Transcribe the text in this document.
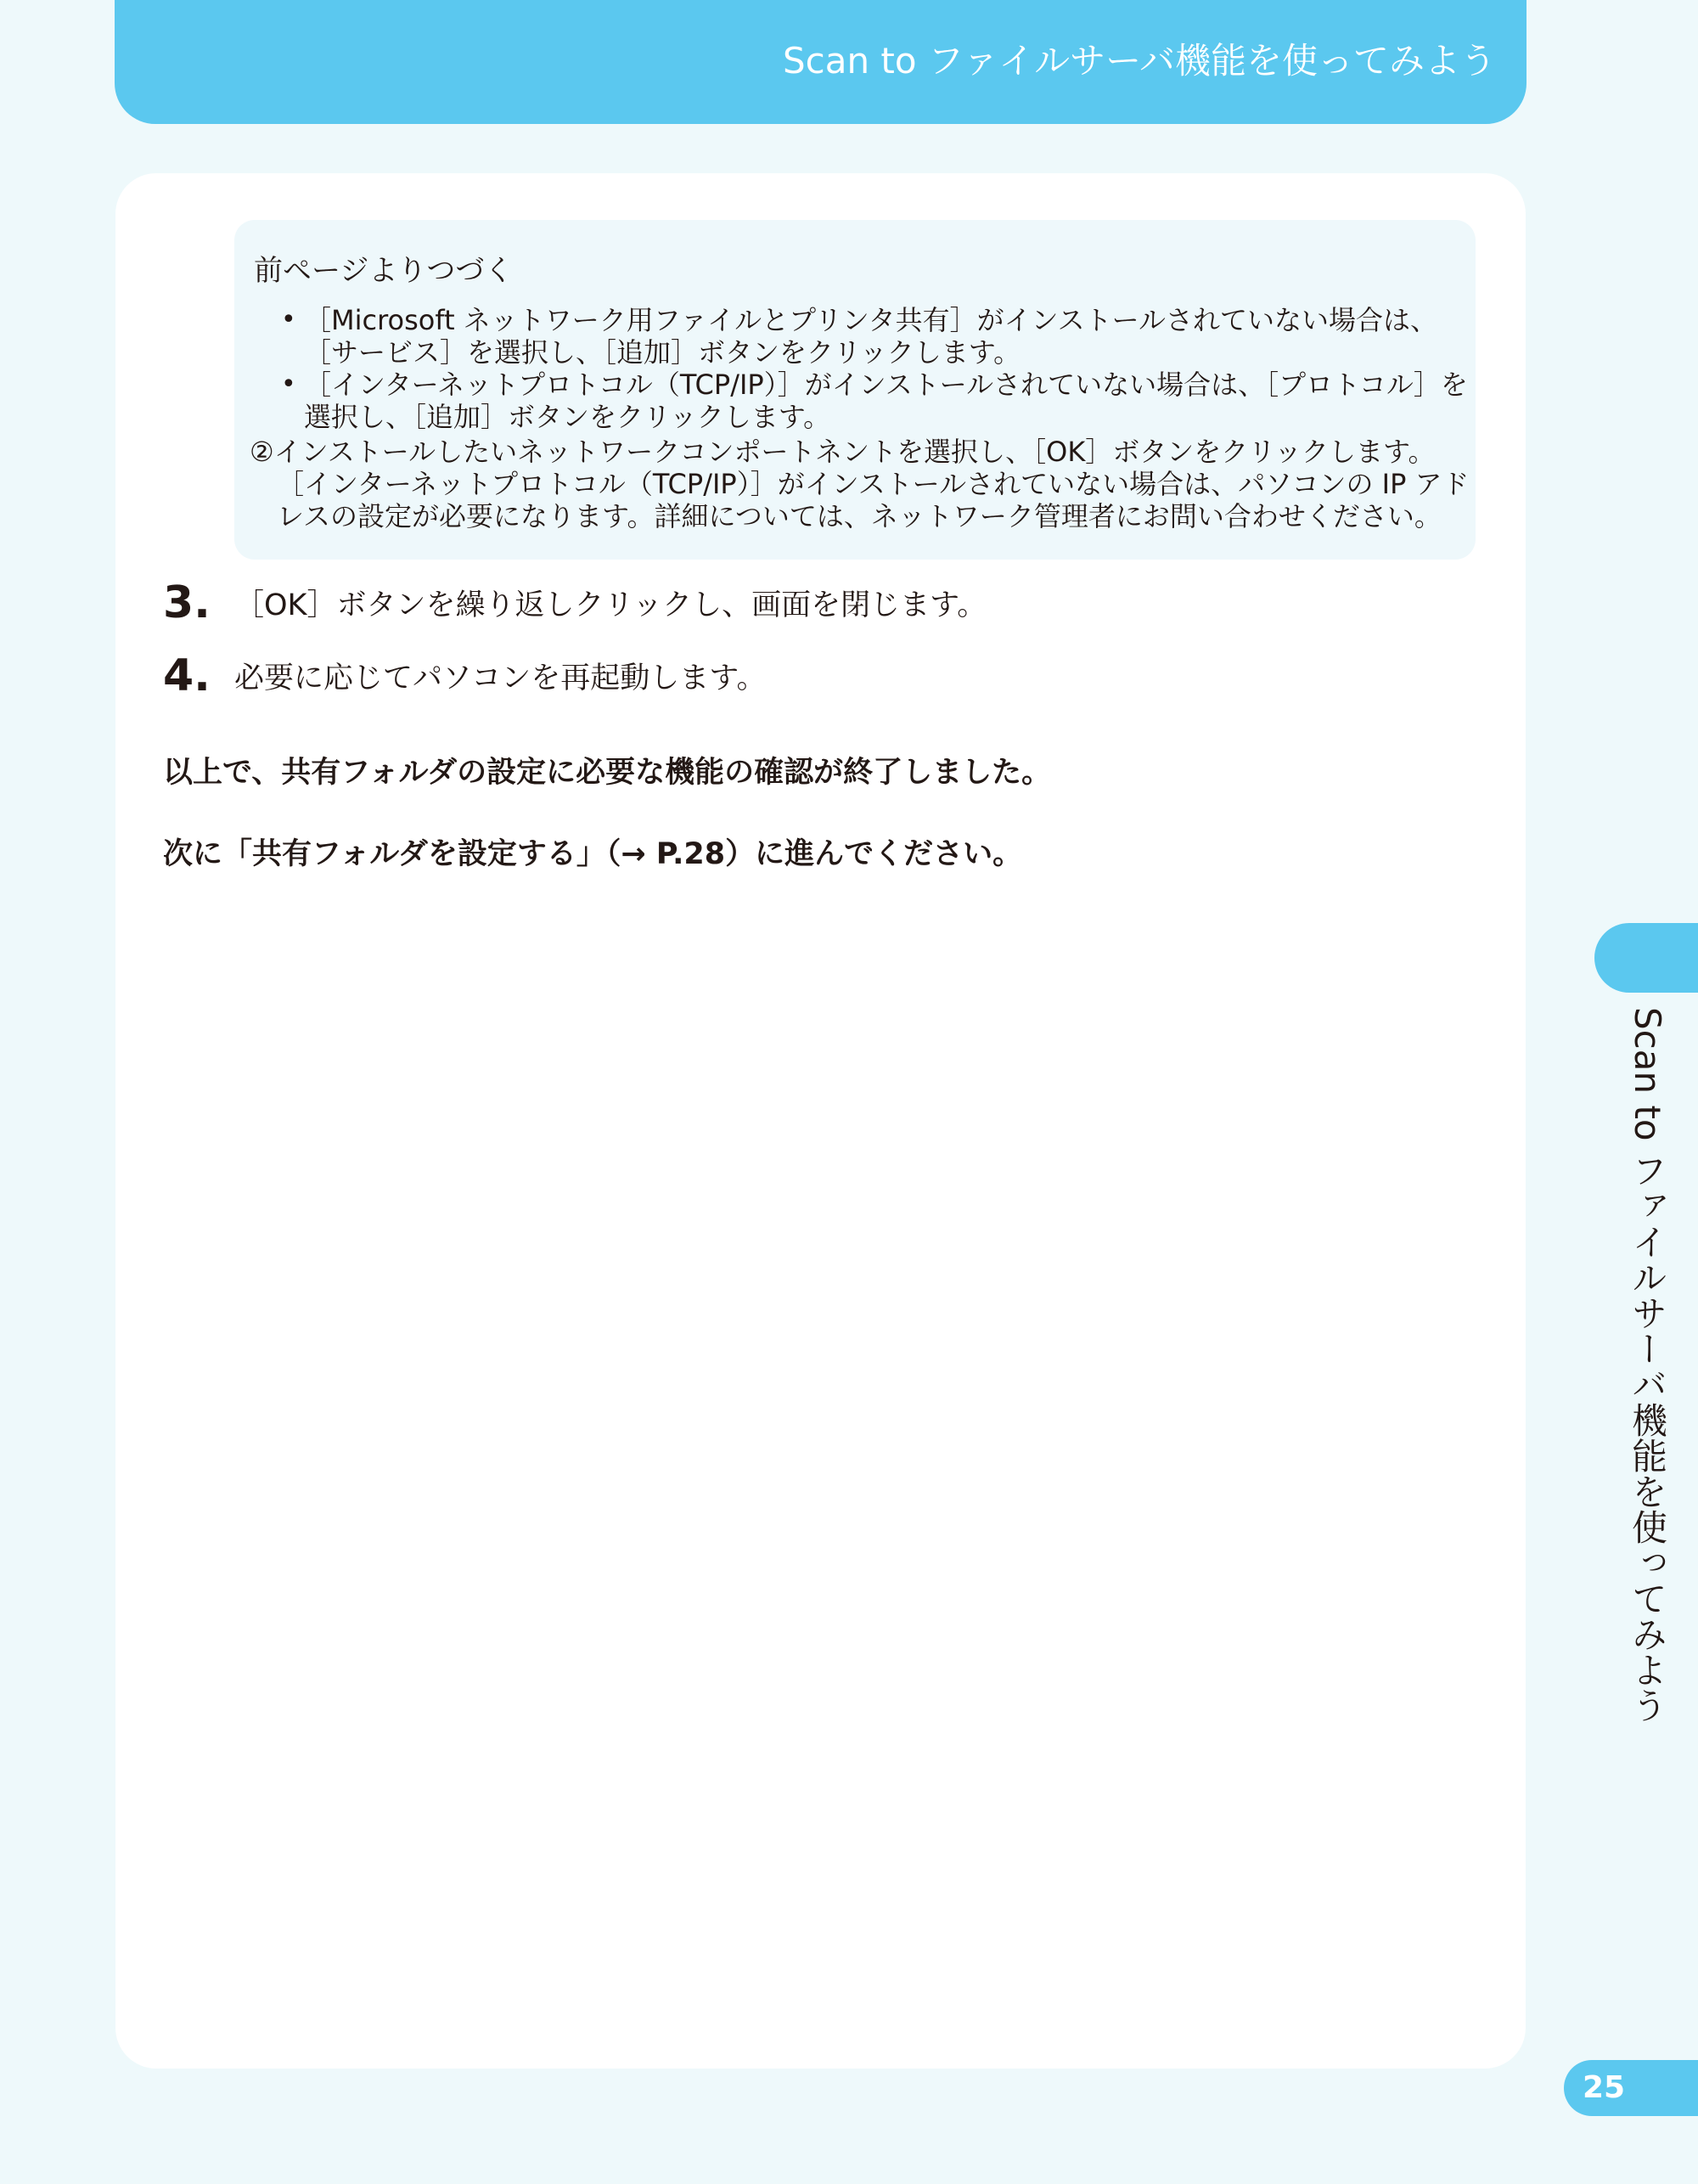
Scan to ファイルサーバ機能を使ってみよう
前ページよりつづく
• ［Microsoft ネットワーク用ファイルとプリンタ共有］がインストールされていない場合は、
［サービス］を選択し、［追加］ボタンをクリックします。
• ［インターネットプロトコル（TCP/IP）］がインストールされていない場合は、［プロトコル］を
選択し、［追加］ボタンをクリックします。
②インストールしたいネットワークコンポートネントを選択し、［OK］ボタンをクリックします。
［インターネットプロトコル（TCP/IP）］がインストールされていない場合は、パソコンの IP アド
レスの設定が必要になります。詳細については、ネットワーク管理者にお問い合わせください。
3. ［OK］ボタンを繰り返しクリックし、画面を閉じます。
4. 必要に応じてパソコンを再起動します。
以上で、共有フォルダの設定に必要な機能の確認が終了しました。
次に「共有フォルダを設定する」（→ P.28）に進んでください。
Scan to ファイルサーバ機能を使ってみよう
25
